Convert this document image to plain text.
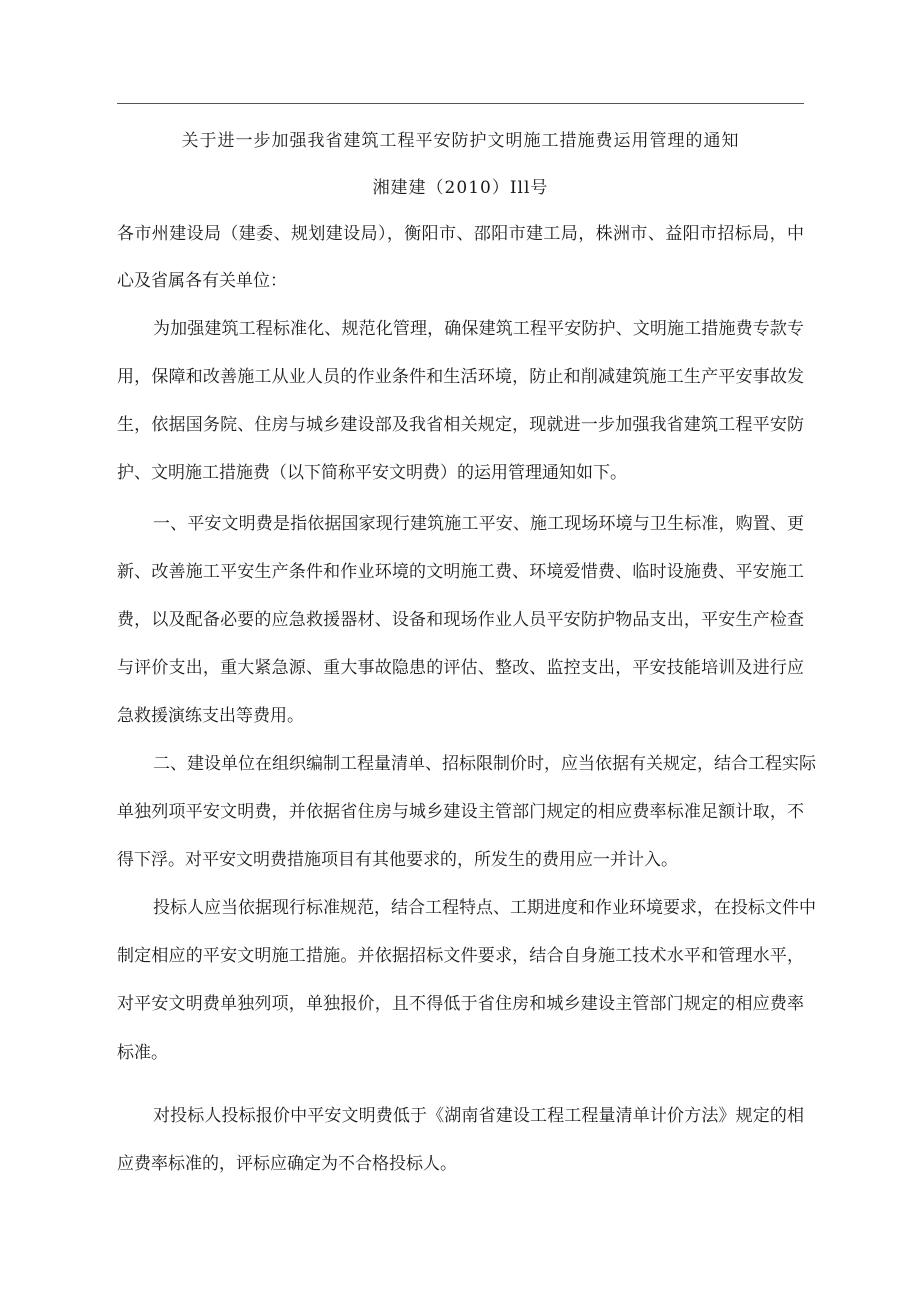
关于进一步加强我省建筑工程平安防护文明施工措施费运用管理的通知
湘建建（2010）Ill号
各市州建设局（建委、规划建设局），衡阳市、邵阳市建工局，株洲市、益阳市招标局，中
心及省属各有关单位：
为加强建筑工程标准化、规范化管理，确保建筑工程平安防护、文明施工措施费专款专
用，保障和改善施工从业人员的作业条件和生活环境，防止和削减建筑施工生产平安事故发
生，依据国务院、住房与城乡建设部及我省相关规定，现就进一步加强我省建筑工程平安防
护、文明施工措施费（以下简称平安文明费）的运用管理通知如下。
一、平安文明费是指依据国家现行建筑施工平安、施工现场环境与卫生标准，购置、更
新、改善施工平安生产条件和作业环境的文明施工费、环境爱惜费、临时设施费、平安施工
费，以及配备必要的应急救援器材、设备和现场作业人员平安防护物品支出，平安生产检查
与评价支出，重大紧急源、重大事故隐患的评估、整改、监控支出，平安技能培训及进行应
急救援演练支出等费用。
二、建设单位在组织编制工程量清单、招标限制价时，应当依据有关规定，结合工程实际
单独列项平安文明费，并依据省住房与城乡建设主管部门规定的相应费率标准足额计取，不
得下浮。对平安文明费措施项目有其他要求的，所发生的费用应一并计入。
投标人应当依据现行标准规范，结合工程特点、工期进度和作业环境要求，在投标文件中
制定相应的平安文明施工措施。并依据招标文件要求，结合自身施工技术水平和管理水平，
对平安文明费单独列项，单独报价，且不得低于省住房和城乡建设主管部门规定的相应费率
标准。
对投标人投标报价中平安文明费低于《湖南省建设工程工程量清单计价方法》规定的相
应费率标准的，评标应确定为不合格投标人。
